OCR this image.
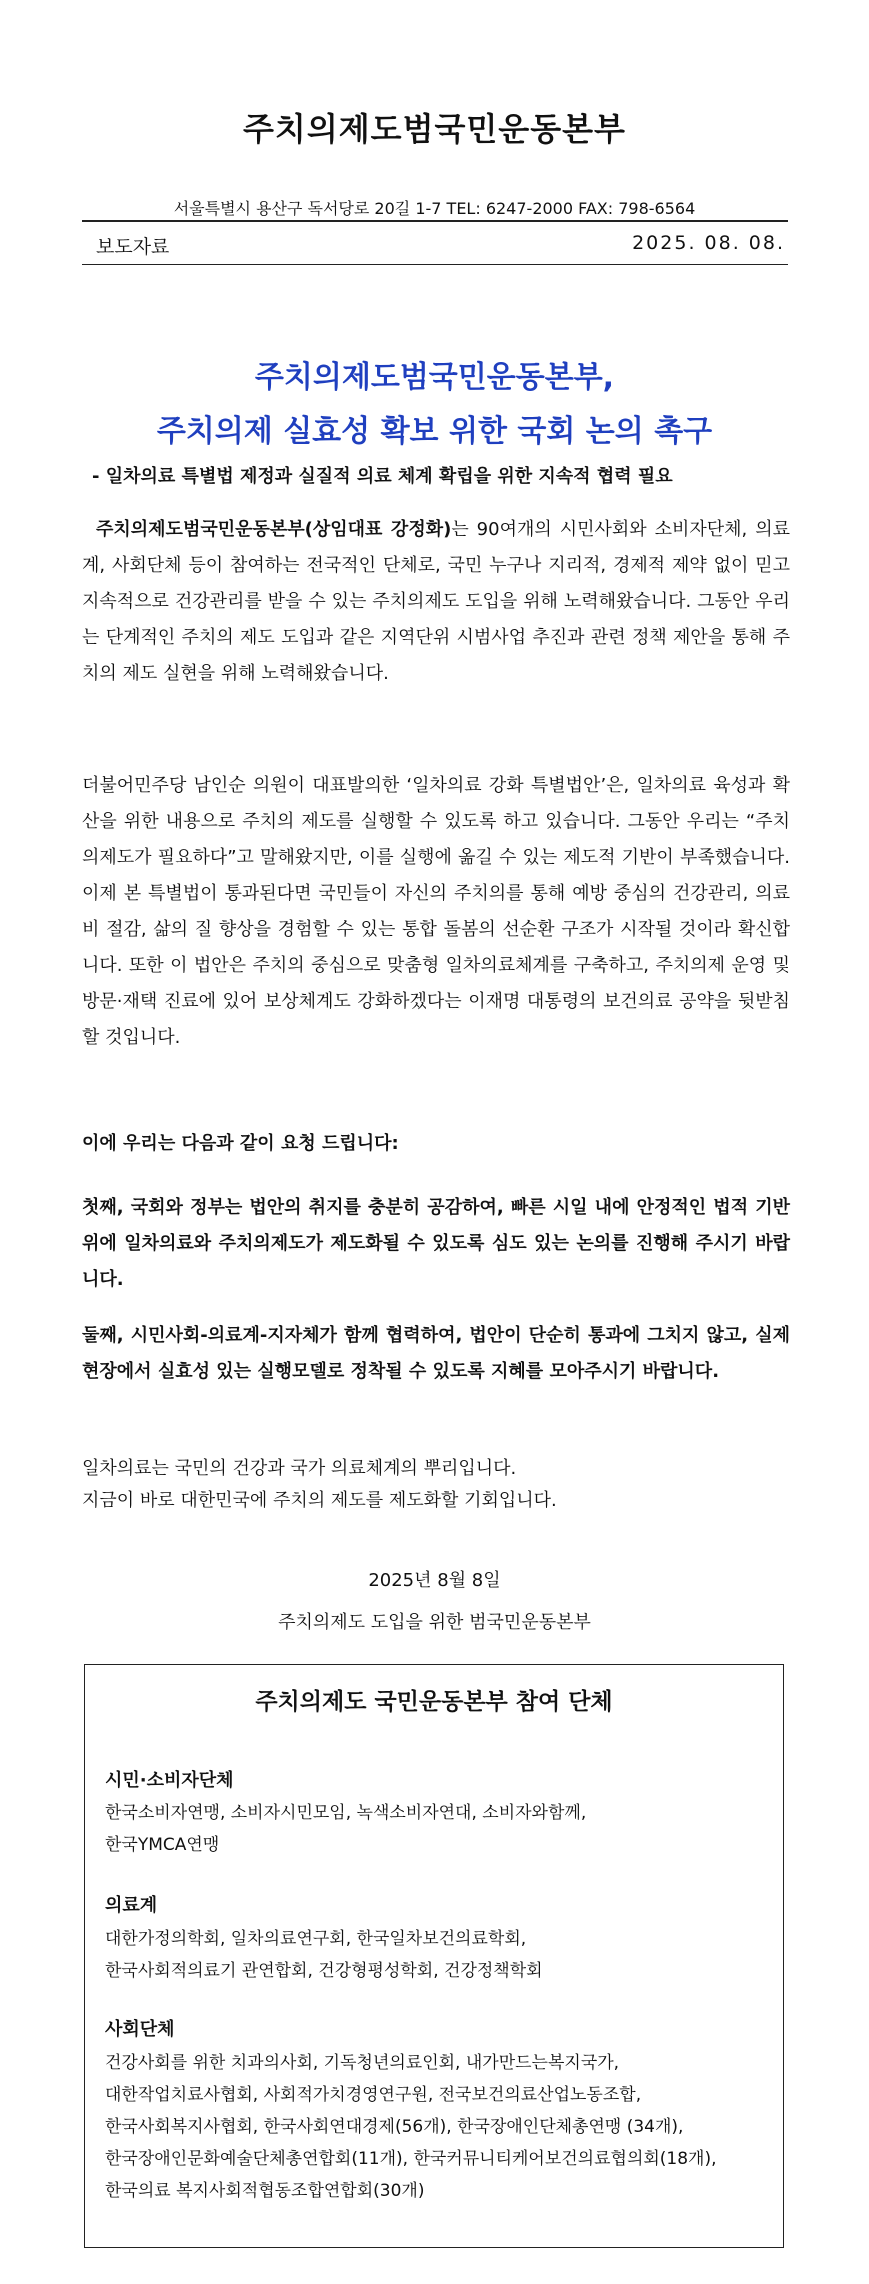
주치의제도범국민운동본부
서울특별시 용산구 독서당로 20길 1-7 TEL: 6247-2000 FAX: 798-6564
보도자료	2025. 08. 08.
주치의제도범국민운동본부,
주치의제 실효성 확보 위한 국회 논의 촉구
- 일차의료 특별법 제정과 실질적 의료 체계 확립을 위한 지속적 협력 필요

주치의제도범국민운동본부(상임대표 강정화)는 90여개의 시민사회와 소비자단체, 의료계, 사회단체 등이 참여하는 전국적인 단체로, 국민 누구나 지리적, 경제적 제약 없이 믿고 지속적으로 건강관리를 받을 수 있는 주치의제도 도입을 위해 노력해왔습니다. 그동안 우리는 단계적인 주치의 제도 도입과 같은 지역단위 시범사업 추진과 관련 정책 제안을 통해 주치의 제도 실현을 위해 노력해왔습니다.

더불어민주당 남인순 의원이 대표발의한 ‘일차의료 강화 특별법안’은, 일차의료 육성과 확산을 위한 내용으로 주치의 제도를 실행할 수 있도록 하고 있습니다. 그동안 우리는 “주치의제도가 필요하다”고 말해왔지만, 이를 실행에 옮길 수 있는 제도적 기반이 부족했습니다. 이제 본 특별법이 통과된다면 국민들이 자신의 주치의를 통해 예방 중심의 건강관리, 의료비 절감, 삶의 질 향상을 경험할 수 있는 통합 돌봄의 선순환 구조가 시작될 것이라 확신합니다. 또한 이 법안은 주치의 중심으로 맞춤형 일차의료체계를 구축하고, 주치의제 운영 및 방문·재택 진료에 있어 보상체계도 강화하겠다는 이재명 대통령의 보건의료 공약을 뒷받침할 것입니다.

이에 우리는 다음과 같이 요청 드립니다:

첫째, 국회와 정부는 법안의 취지를 충분히 공감하여, 빠른 시일 내에 안정적인 법적 기반 위에 일차의료와 주치의제도가 제도화될 수 있도록 심도 있는 논의를 진행해 주시기 바랍니다.

둘째, 시민사회-의료계-지자체가 함께 협력하여, 법안이 단순히 통과에 그치지 않고, 실제 현장에서 실효성 있는 실행모델로 정착될 수 있도록 지혜를 모아주시기 바랍니다.

일차의료는 국민의 건강과 국가 의료체계의 뿌리입니다.
지금이 바로 대한민국에 주치의 제도를 제도화할 기회입니다.

2025년 8월 8일
주치의제도 도입을 위한 범국민운동본부
주치의제도 국민운동본부 참여 단체
시민·소비자단체

한국소비자연맹, 소비자시민모임, 녹색소비자연대, 소비자와함께,
한국YMCA연맹

의료계

대한가정의학회, 일차의료연구회, 한국일차보건의료학회,
한국사회적의료기 관연합회, 건강형평성학회, 건강정책학회

사회단체

건강사회를 위한 치과의사회, 기독청년의료인회, 내가만드는복지국가,
대한작업치료사협회, 사회적가치경영연구원, 전국보건의료산업노동조합,
한국사회복지사협회, 한국사회연대경제(56개), 한국장애인단체총연맹 (34개),
한국장애인문화예술단체총연합회(11개), 한국커뮤니티케어보건의료협의회(18개),
한국의료 복지사회적협동조합연합회(30개)
